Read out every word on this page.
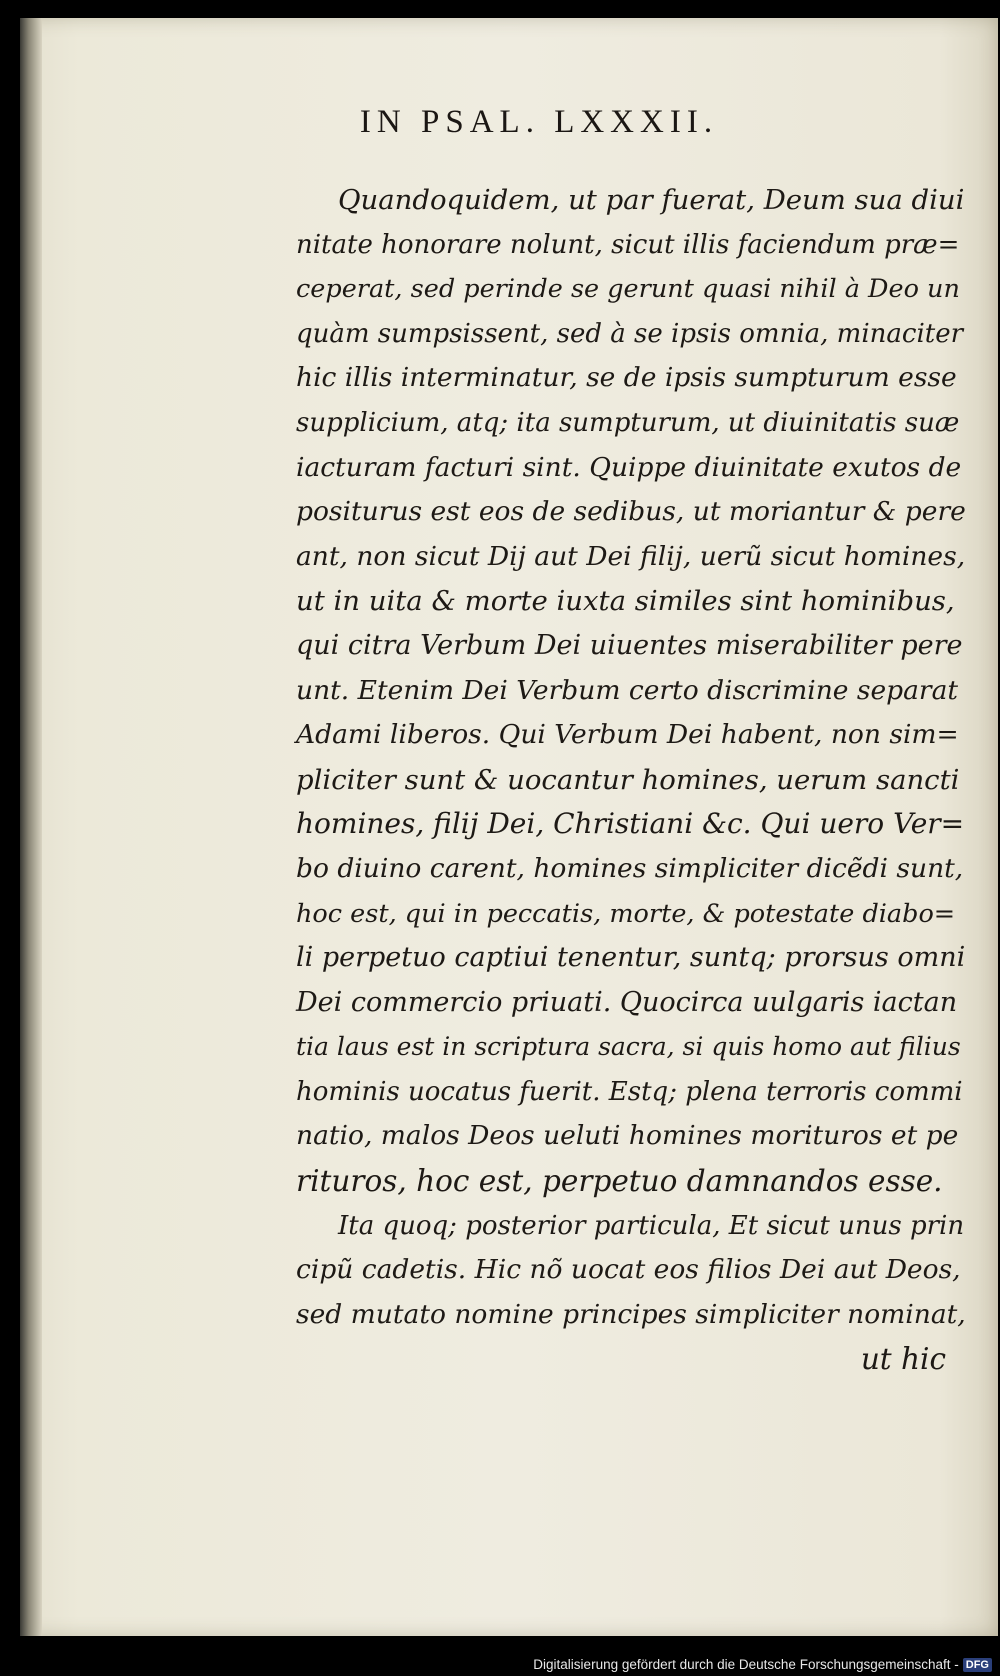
IN PSAL. LXXXII.
Quandoquidem, ut par fuerat, Deum sua diui
nitate honorare nolunt, sicut illis faciendum præ=
ceperat, sed perinde se gerunt quasi nihil à Deo un
quàm sumpsissent, sed à se ipsis omnia, minaciter
hic illis interminatur, se de ipsis sumpturum esse
supplicium, atq; ita sumpturum, ut diuinitatis suæ
iacturam facturi sint. Quippe diuinitate exutos de
positurus est eos de sedibus, ut moriantur & pere
ant, non sicut Dij aut Dei filij, uerũ sicut homines,
ut in uita & morte iuxta similes sint hominibus,
qui citra Verbum Dei uiuentes miserabiliter pere
unt. Etenim Dei Verbum certo discrimine separat
Adami liberos. Qui Verbum Dei habent, non sim=
pliciter sunt & uocantur homines, uerum sancti
homines, filij Dei, Christiani &c. Qui uero Ver=
bo diuino carent, homines simpliciter dicẽdi sunt,
hoc est, qui in peccatis, morte, & potestate diabo=
li perpetuo captiui tenentur, suntq; prorsus omni
Dei commercio priuati. Quocirca uulgaris iactan
tia laus est in scriptura sacra, si quis homo aut filius
hominis uocatus fuerit. Estq; plena terroris commi
natio, malos Deos ueluti homines morituros et pe
rituros, hoc est, perpetuo damnandos esse.
Ita quoq; posterior particula, Et sicut unus prin
cipũ cadetis. Hic nõ uocat eos filios Dei aut Deos,
sed mutato nomine principes simpliciter nominat,
ut hic
Digitalisierung gefördert durch die Deutsche Forschungsgemeinschaft - DFG
